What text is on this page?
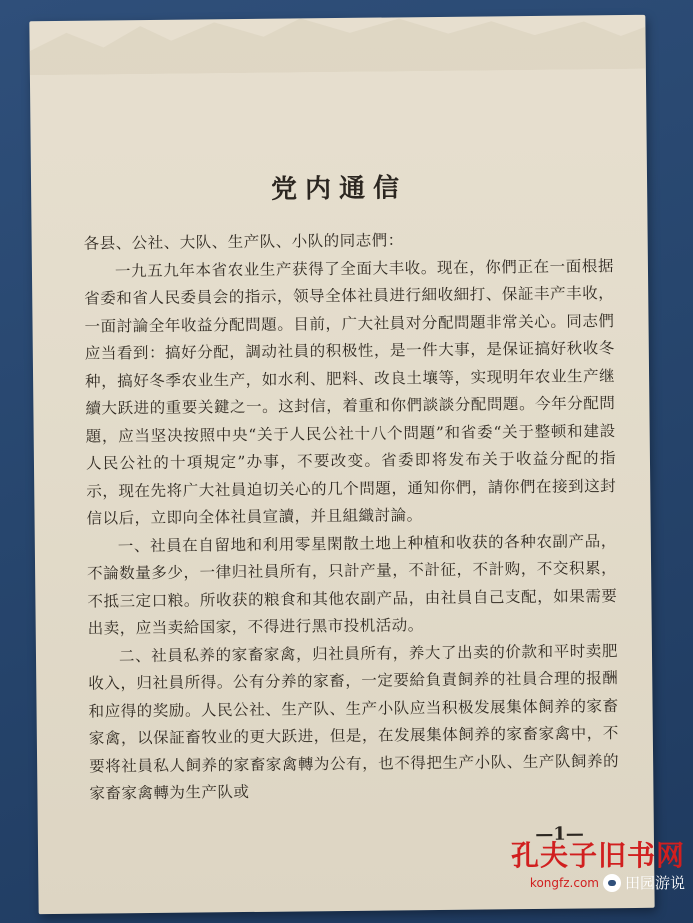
党内通信

各县、公社、大队、生产队、小队的同志們：

一九五九年本省农业生产获得了全面大丰收。现在，你們正在一面根据省委和省人民委員会的指示，领导全体社員进行細收細打、保証丰产丰收，一面討論全年收益分配問題。目前，广大社員对分配問題非常关心。同志們应当看到：搞好分配，調动社員的积极性，是一件大事，是保证搞好秋收冬种，搞好冬季农业生产，如水利、肥料、改良土壤等，实现明年农业生产继續大跃进的重要关鍵之一。这封信，着重和你們談談分配問題。今年分配問題，应当坚决按照中央“关于人民公社十八个問題”和省委“关于整顿和建設人民公社的十項規定”办事，不要改变。省委即将发布关于收益分配的指示，现在先将广大社員迫切关心的几个問題，通知你們，請你們在接到这封信以后，立即向全体社員宣讀，并且組織討論。

一、社員在自留地和利用零星閑散土地上种植和收获的各种农副产品，不論数量多少，一律归社員所有，只計产量，不計征，不計购，不交积累，不抵三定口粮。所收获的粮食和其他农副产品，由社員自己支配，如果需要出卖，应当卖給国家，不得进行黑市投机活动。

二、社員私养的家畜家禽，归社員所有，养大了出卖的价款和平时卖肥收入，归社員所得。公有分养的家畜，一定要給負責飼养的社員合理的报酬和应得的奖励。人民公社、生产队、生产小队应当积极发展集体飼养的家畜家禽，以保証畜牧业的更大跃进，但是，在发展集体飼养的家畜家禽中，不要将社員私人飼养的家畜家禽轉为公有，也不得把生产小队、生产队飼养的家畜家禽轉为生产队或

—1—
孔夫子旧书网
kongfz.com 田园游说
